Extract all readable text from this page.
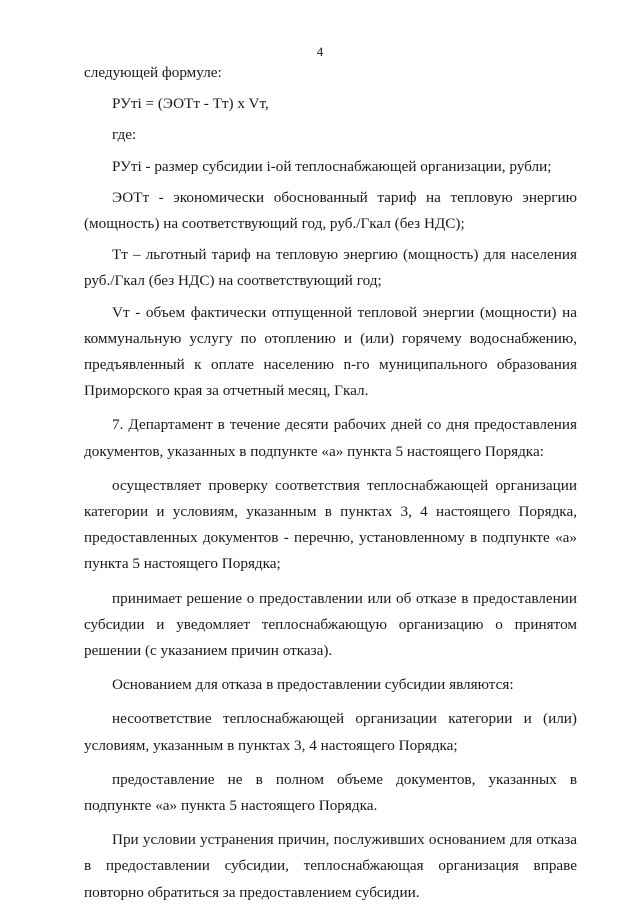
4

следующей формуле:

РУтi = (ЭОТт - Тт) x Vт,

где:

РУтi - размер субсидии i-ой теплоснабжающей организации, рубли;

ЭОТт - экономически обоснованный тариф на тепловую энергию (мощность) на соответствующий год, руб./Гкал (без НДС);

Тт – льготный тариф на тепловую энергию (мощность) для населения руб./Гкал (без НДС) на соответствующий год;

Vт - объем фактически отпущенной тепловой энергии (мощности) на коммунальную услугу по отоплению и (или) горячему водоснабжению, предъявленный к оплате населению n-го муниципального образования Приморского края за отчетный месяц, Гкал.

7. Департамент в течение десяти рабочих дней со дня предоставления документов, указанных в подпункте «а» пункта 5 настоящего Порядка:

осуществляет проверку соответствия теплоснабжающей организации категории и условиям, указанным в пунктах 3, 4 настоящего Порядка, предоставленных документов - перечню, установленному в подпункте «а» пункта 5 настоящего Порядка;

принимает решение о предоставлении или об отказе в предоставлении субсидии и уведомляет теплоснабжающую организацию о принятом решении (с указанием причин отказа).

Основанием для отказа в предоставлении субсидии являются:

несоответствие теплоснабжающей организации категории и (или) условиям, указанным в пунктах 3, 4 настоящего Порядка;

предоставление не в полном объеме документов, указанных в подпункте «а» пункта 5 настоящего Порядка.

При условии устранения причин, послуживших основанием для отказа в предоставлении субсидии, теплоснабжающая организация вправе повторно обратиться за предоставлением субсидии.
